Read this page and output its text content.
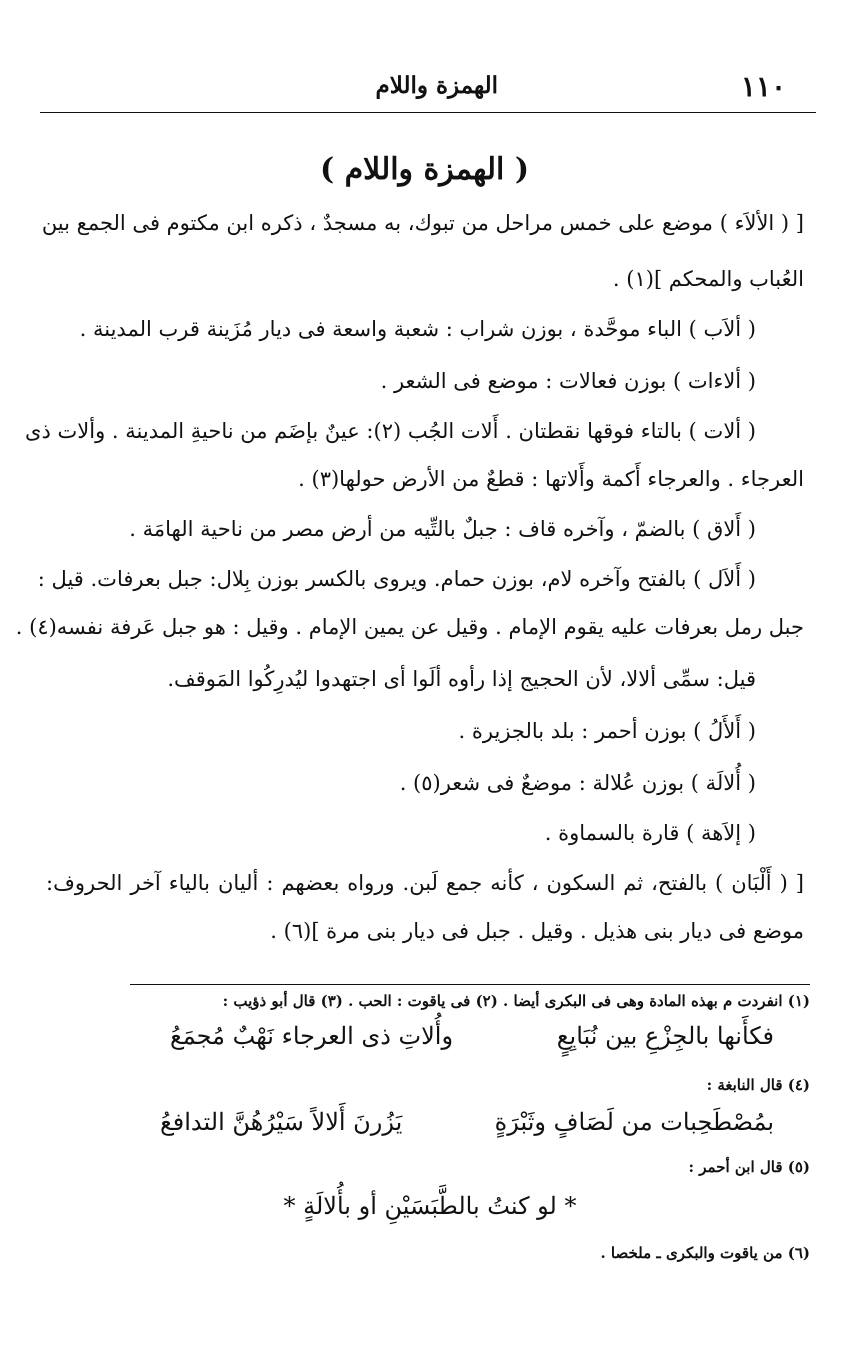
١١٠
الهمزة واللام
( الهمزة واللام )
[ ( الألاَء ) موضع على خمس مراحل من تبوك، به مسجدٌ ، ذكره ابن مكتوم فى الجمع بين
العُباب والمحكم ](١) .
( ألاَب ) الباء موحَّدة ، بوزن شراب : شعبة واسعة فى ديار مُزَينة قرب المدينة .
( ألاءات ) بوزن فعالات : موضع فى الشعر .
( ألات ) بالتاء فوقها نقطتان . أَلات الجُب (٢): عينٌ بإضَم من ناحيةِ المدينة . وألات ذى
العرجاء . والعرجاء أَكمة وأَلاتها : قطعٌ من الأرض حولها(٣) .
( أَلاق ) بالضمّ ، وآخره قاف : جبلٌ بالتِّيه من أرض مصر من ناحية الهامَة .
( أَلاَل ) بالفتح وآخره لام، بوزن حمام. ويروى بالكسر بوزن بِلال: جبل بعرفات. قيل :
جبل رمل بعرفات عليه يقوم الإمام . وقيل عن يمين الإمام . وقيل : هو جبل عَرفة نفسه(٤) .
قيل: سمِّى ألالا، لأن الحجيج إذا رأوه ألَوا أى اجتهدوا ليُدرِكُوا المَوقف.
( أَلأَلُ ) بوزن أحمر : بلد بالجزيرة .
( أُلالَة ) بوزن عُلالة : موضعٌ فى شعر(٥) .
( إلاَهة ) قارة بالسماوة .
[ ( أَلْبَان ) بالفتح، ثم السكون ، كأنه جمع لَبن. ورواه بعضهم : أليان بالياء آخر الحروف:
موضع فى ديار بنى هذيل . وقيل . جبل فى ديار بنى مرة ](٦) .
(١) انفردت م بهذه المادة وهى فى البكرى أيضا . (٢) فى ياقوت : الحب . (٣) قال أبو ذؤيب :
فكأَنها بالجِزْعِ بين نُبَايِعٍ
وأُلاتِ ذى العرجاء نَهْبٌ مُجمَعُ
(٤) قال النابغة :
بمُصْطَحِبات من لَصَافٍ وثَبْرَةٍ
يَزُرنَ أَلالاً سَيْرُهُنَّ التدافعُ
(٥) قال ابن أحمر :
* لو كنتُ بالطَّبَسَيْنِ أو بأُلالَةٍ *
(٦) من ياقوت والبكرى ـ ملخصا .
